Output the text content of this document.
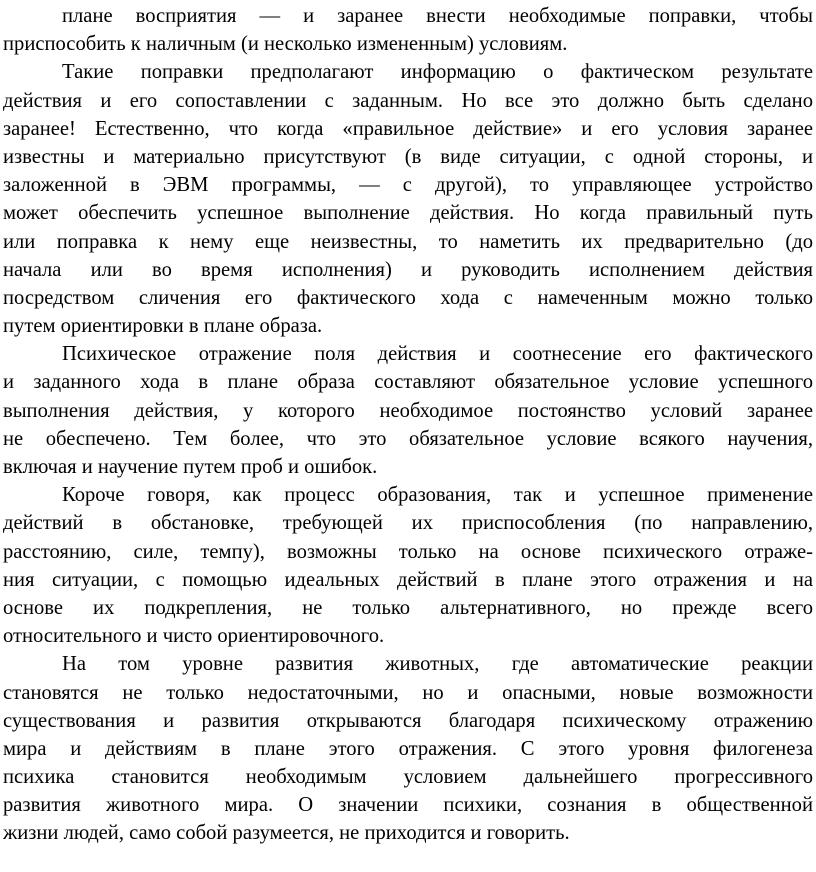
плане восприятия — и заранее внести необходимые поправки, чтобы
приспособить к наличным (и несколько измененным) условиям.
Такие поправки предполагают информацию о фактическом результате
действия и его сопоставлении с заданным. Но все это должно быть сделано
заранее! Естественно, что когда «правильное действие» и его условия заранее
известны и материально присутствуют (в виде ситуации, с одной стороны, и
заложенной в ЭВМ программы, — с другой), то управляющее устройство
может обеспечить успешное выполнение действия. Но когда правильный путь
или поправка к нему еще неизвестны, то наметить их предварительно (до
начала или во время исполнения) и руководить исполнением действия
посредством сличения его фактического хода с намеченным можно только
путем ориентировки в плане образа.
Психическое отражение поля действия и соотнесение его фактического
и заданного хода в плане образа составляют обязательное условие успешного
выполнения действия, у которого необходимое постоянство условий заранее
не обеспечено. Тем более, что это обязательное условие всякого научения,
включая и научение путем проб и ошибок.
Короче говоря, как процесс образования, так и успешное применение
действий в обстановке, требующей их приспособления (по направлению,
расстоянию, силе, темпу), возможны только на основе психического отраже-
ния ситуации, с помощью идеальных действий в плане этого отражения и на
основе их подкрепления, не только альтернативного, но прежде всего
относительного и чисто ориентировочного.
На том уровне развития животных, где автоматические реакции
становятся не только недостаточными, но и опасными, новые возможности
существования и развития открываются благодаря психическому отражению
мира и действиям в плане этого отражения. С этого уровня филогенеза
психика становится необходимым условием дальнейшего прогрессивного
развития животного мира. О значении психики, сознания в общественной
жизни людей, само собой разумеется, не приходится и говорить.
